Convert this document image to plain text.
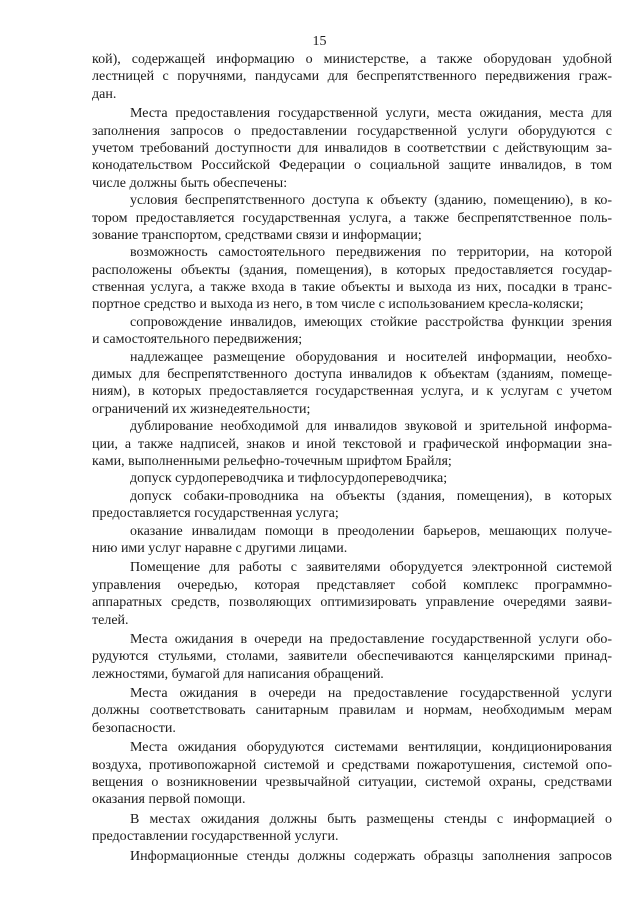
15
кой), содержащей информацию о министерстве, а также оборудован удобной
лестницей с поручнями, пандусами для беспрепятственного передвижения граж-
дан.
Места предоставления государственной услуги, места ожидания, места для
заполнения запросов о предоставлении государственной услуги оборудуются с
учетом требований доступности для инвалидов в соответствии с действующим за-
конодательством Российской Федерации о социальной защите инвалидов, в том
числе должны быть обеспечены:
условия беспрепятственного доступа к объекту (зданию, помещению), в ко-
тором предоставляется государственная услуга, а также беспрепятственное поль-
зование транспортом, средствами связи и информации;
возможность самостоятельного передвижения по территории, на которой
расположены объекты (здания, помещения), в которых предоставляется государ-
ственная услуга, а также входа в такие объекты и выхода из них, посадки в транс-
портное средство и выхода из него, в том числе с использованием кресла-коляски;
сопровождение инвалидов, имеющих стойкие расстройства функции зрения
и самостоятельного передвижения;
надлежащее размещение оборудования и носителей информации, необхо-
димых для беспрепятственного доступа инвалидов к объектам (зданиям, помеще-
ниям), в которых предоставляется государственная услуга, и к услугам с учетом
ограничений их жизнедеятельности;
дублирование необходимой для инвалидов звуковой и зрительной информа-
ции, а также надписей, знаков и иной текстовой и графической информации зна-
ками, выполненными рельефно-точечным шрифтом Брайля;
допуск сурдопереводчика и тифлосурдопереводчика;
допуск собаки-проводника на объекты (здания, помещения), в которых
предоставляется государственная услуга;
оказание инвалидам помощи в преодолении барьеров, мешающих получе-
нию ими услуг наравне с другими лицами.
Помещение для работы с заявителями оборудуется электронной системой
управления очередью, которая представляет собой комплекс программно-
аппаратных средств, позволяющих оптимизировать управление очередями заяви-
телей.
Места ожидания в очереди на предоставление государственной услуги обо-
рудуются стульями, столами, заявители обеспечиваются канцелярскими принад-
лежностями, бумагой для написания обращений.
Места ожидания в очереди на предоставление государственной услуги
должны соответствовать санитарным правилам и нормам, необходимым мерам
безопасности.
Места ожидания оборудуются системами вентиляции, кондиционирования
воздуха, противопожарной системой и средствами пожаротушения, системой опо-
вещения о возникновении чрезвычайной ситуации, системой охраны, средствами
оказания первой помощи.
В местах ожидания должны быть размещены стенды с информацией о
предоставлении государственной услуги.
Информационные стенды должны содержать образцы заполнения запросов
